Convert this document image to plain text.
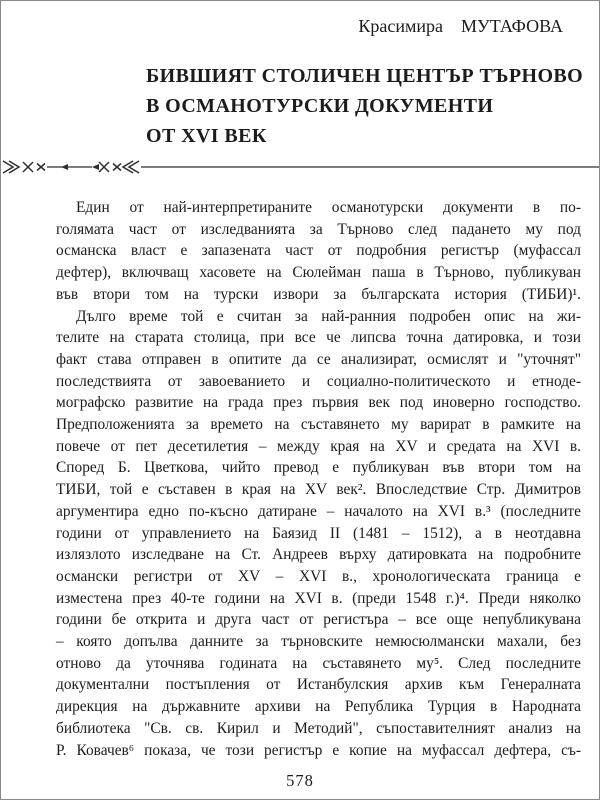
Красимира МУТАФОВА
БИВШИЯТ СТОЛИЧЕН ЦЕНТЪР ТЪРНОВО
В ОСМАНОТУРСКИ ДОКУМЕНТИ
ОТ XVI ВЕК
Един от най-интерпретираните османотурски документи в по-
голямата част от изследванията за Търново след падането му под
османска власт е запазената част от подробния регистър (муфассал
дефтер), включващ хасовете на Сюлейман паша в Търново, публикуван
във втори том на турски извори за българската история (ТИБИ)¹.
Дълго време той е считан за най-ранния подробен опис на жи-
телите на старата столица, при все че липсва точна датировка, и този
факт става отправен в опитите да се анализират, осмислят и "уточнят"
последствията от завоеванието и социално-политическото и етноде-
мографско развитие на града през първия век под иноверно господство.
Предположенията за времето на съставянето му варират в рамките на
повече от пет десетилетия – между края на XV и средата на XVI в.
Според Б. Цветкова, чийто превод е публикуван във втори том на
ТИБИ, той е съставен в края на XV век². Впоследствие Стр. Димитров
аргументира едно по-късно датиране – началото на XVI в.³ (последните
години от управлението на Баязид II (1481 – 1512), а в неотдавна
излязлото изследване на Ст. Андреев върху датировката на подробните
османски регистри от XV – XVI в., хронологическата граница е
изместена през 40-те години на XVI в. (преди 1548 г.)⁴. Преди няколко
години бе открита и друга част от регистъра – все още непубликувана
– която допълва данните за търновските немюсюлмански махали, без
отново да уточнява годината на съставянето му⁵. След последните
документални постъпления от Истанбулския архив към Генералната
дирекция на държавните архиви на Република Турция в Народната
библиотека "Св. св. Кирил и Методий", съпоставителният анализ на
Р. Ковачев⁶ показа, че този регистър е копие на муфассал дефтера, съ-
578
